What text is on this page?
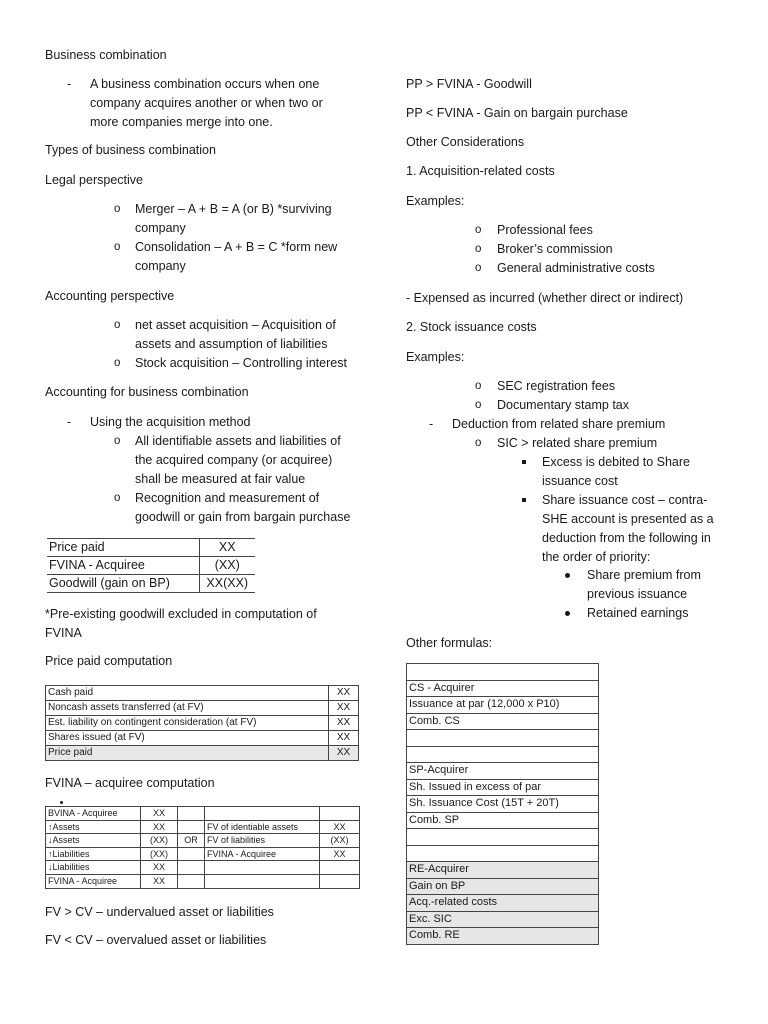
Business combination
- A business combination occurs when one
company acquires another or when two or
more companies merge into one.
Types of business combination
Legal perspective
o Merger – A + B = A (or B) *surviving
company
o Consolidation – A + B = C *form new
company
Accounting perspective
o net asset acquisition – Acquisition of
assets and assumption of liabilities
o Stock acquisition – Controlling interest
Accounting for business combination
- Using the acquisition method
o All identifiable assets and liabilities of
the acquired company (or acquiree)
shall be measured at fair value
o Recognition and measurement of
goodwill or gain from bargain purchase
Price paid	XX
FVINA - Acquiree	(XX)
Goodwill (gain on BP)	XX(XX)
*Pre-existing goodwill excluded in computation of
FVINA
Price paid computation
Cash paid	XX
Noncash assets transferred (at FV)	XX
Est. liability on contingent consideration (at FV)	XX
Shares issued (at FV)	XX
Price paid	XX
FVINA – acquiree computation
BVINA - Acquiree	XX			
↑Assets	XX		FV of identiable assets	XX
↓Assets	(XX)	OR	FV of liabilities	(XX)
↑Liabilities	(XX)		FVINA - Acquiree	XX
↓Liabilities	XX			
FVINA - Acquiree	XX			
FV > CV – undervalued asset or liabilities
FV < CV – overvalued asset or liabilities
PP > FVINA - Goodwill
PP < FVINA - Gain on bargain purchase
Other Considerations
1. Acquisition-related costs
Examples:
o Professional fees
o Broker’s commission
o General administrative costs
- Expensed as incurred (whether direct or indirect)
2. Stock issuance costs
Examples:
o SEC registration fees
o Documentary stamp tax
- Deduction from related share premium
o SIC > related share premium
Excess is debited to Share
issuance cost
Share issuance cost – contra-
SHE account is presented as a
deduction from the following in
the order of priority:
Share premium from
previous issuance
Retained earnings
Other formulas:

CS - Acquirer
Issuance at par (12,000 x P10)
Comb. CS

SP-Acquirer
Sh. Issued in excess of par
Sh. Issuance Cost (15T + 20T)
Comb. SP

RE-Acquirer
Gain on BP
Acq.-related costs
Exc. SIC
Comb. RE
